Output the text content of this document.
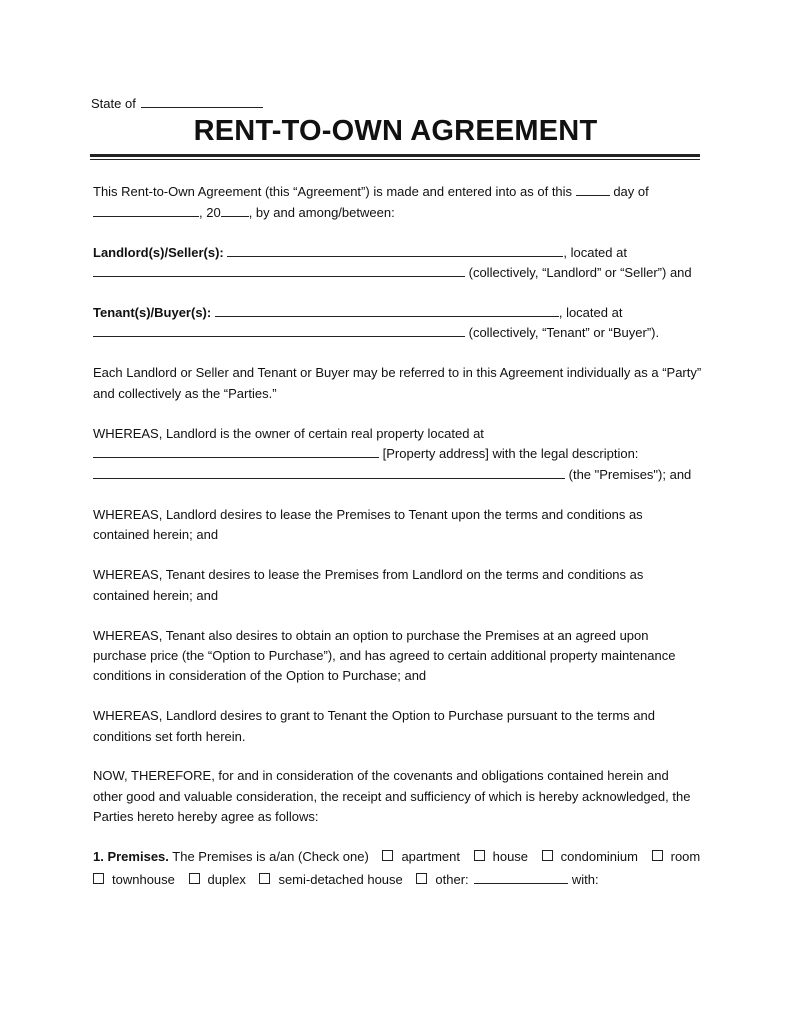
State of
RENT-TO-OWN AGREEMENT
This Rent-to-Own Agreement (this “Agreement”) is made and entered into as of this	day of
, 20 , by and among/between:
Landlord(s)/Seller(s):	, located at
(collectively, “Landlord” or “Seller”) and
Tenant(s)/Buyer(s):	, located at
(collectively, “Tenant” or “Buyer”).
Each Landlord or Seller and Tenant or Buyer may be referred to in this Agreement individually as a “Party”
and collectively as the “Parties.”
WHEREAS, Landlord is the owner of certain real property located at
[Property address] with the legal description:
(the "Premises"); and
WHEREAS, Landlord desires to lease the Premises to Tenant upon the terms and conditions as
contained herein; and
WHEREAS, Tenant desires to lease the Premises from Landlord on the terms and conditions as
contained herein; and
WHEREAS, Tenant also desires to obtain an option to purchase the Premises at an agreed upon
purchase price (the “Option to Purchase”), and has agreed to certain additional property maintenance
conditions in consideration of the Option to Purchase; and
WHEREAS, Landlord desires to grant to Tenant the Option to Purchase pursuant to the terms and
conditions set forth herein.
NOW, THEREFORE, for and in consideration of the covenants and obligations contained herein and
other good and valuable consideration, the receipt and sufficiency of which is hereby acknowledged, the
Parties hereto hereby agree as follows:
1. Premises. The Premises is a/an (Check one)	apartment	house	condominium	room
townhouse	duplex	semi-detached house	other:	with:
